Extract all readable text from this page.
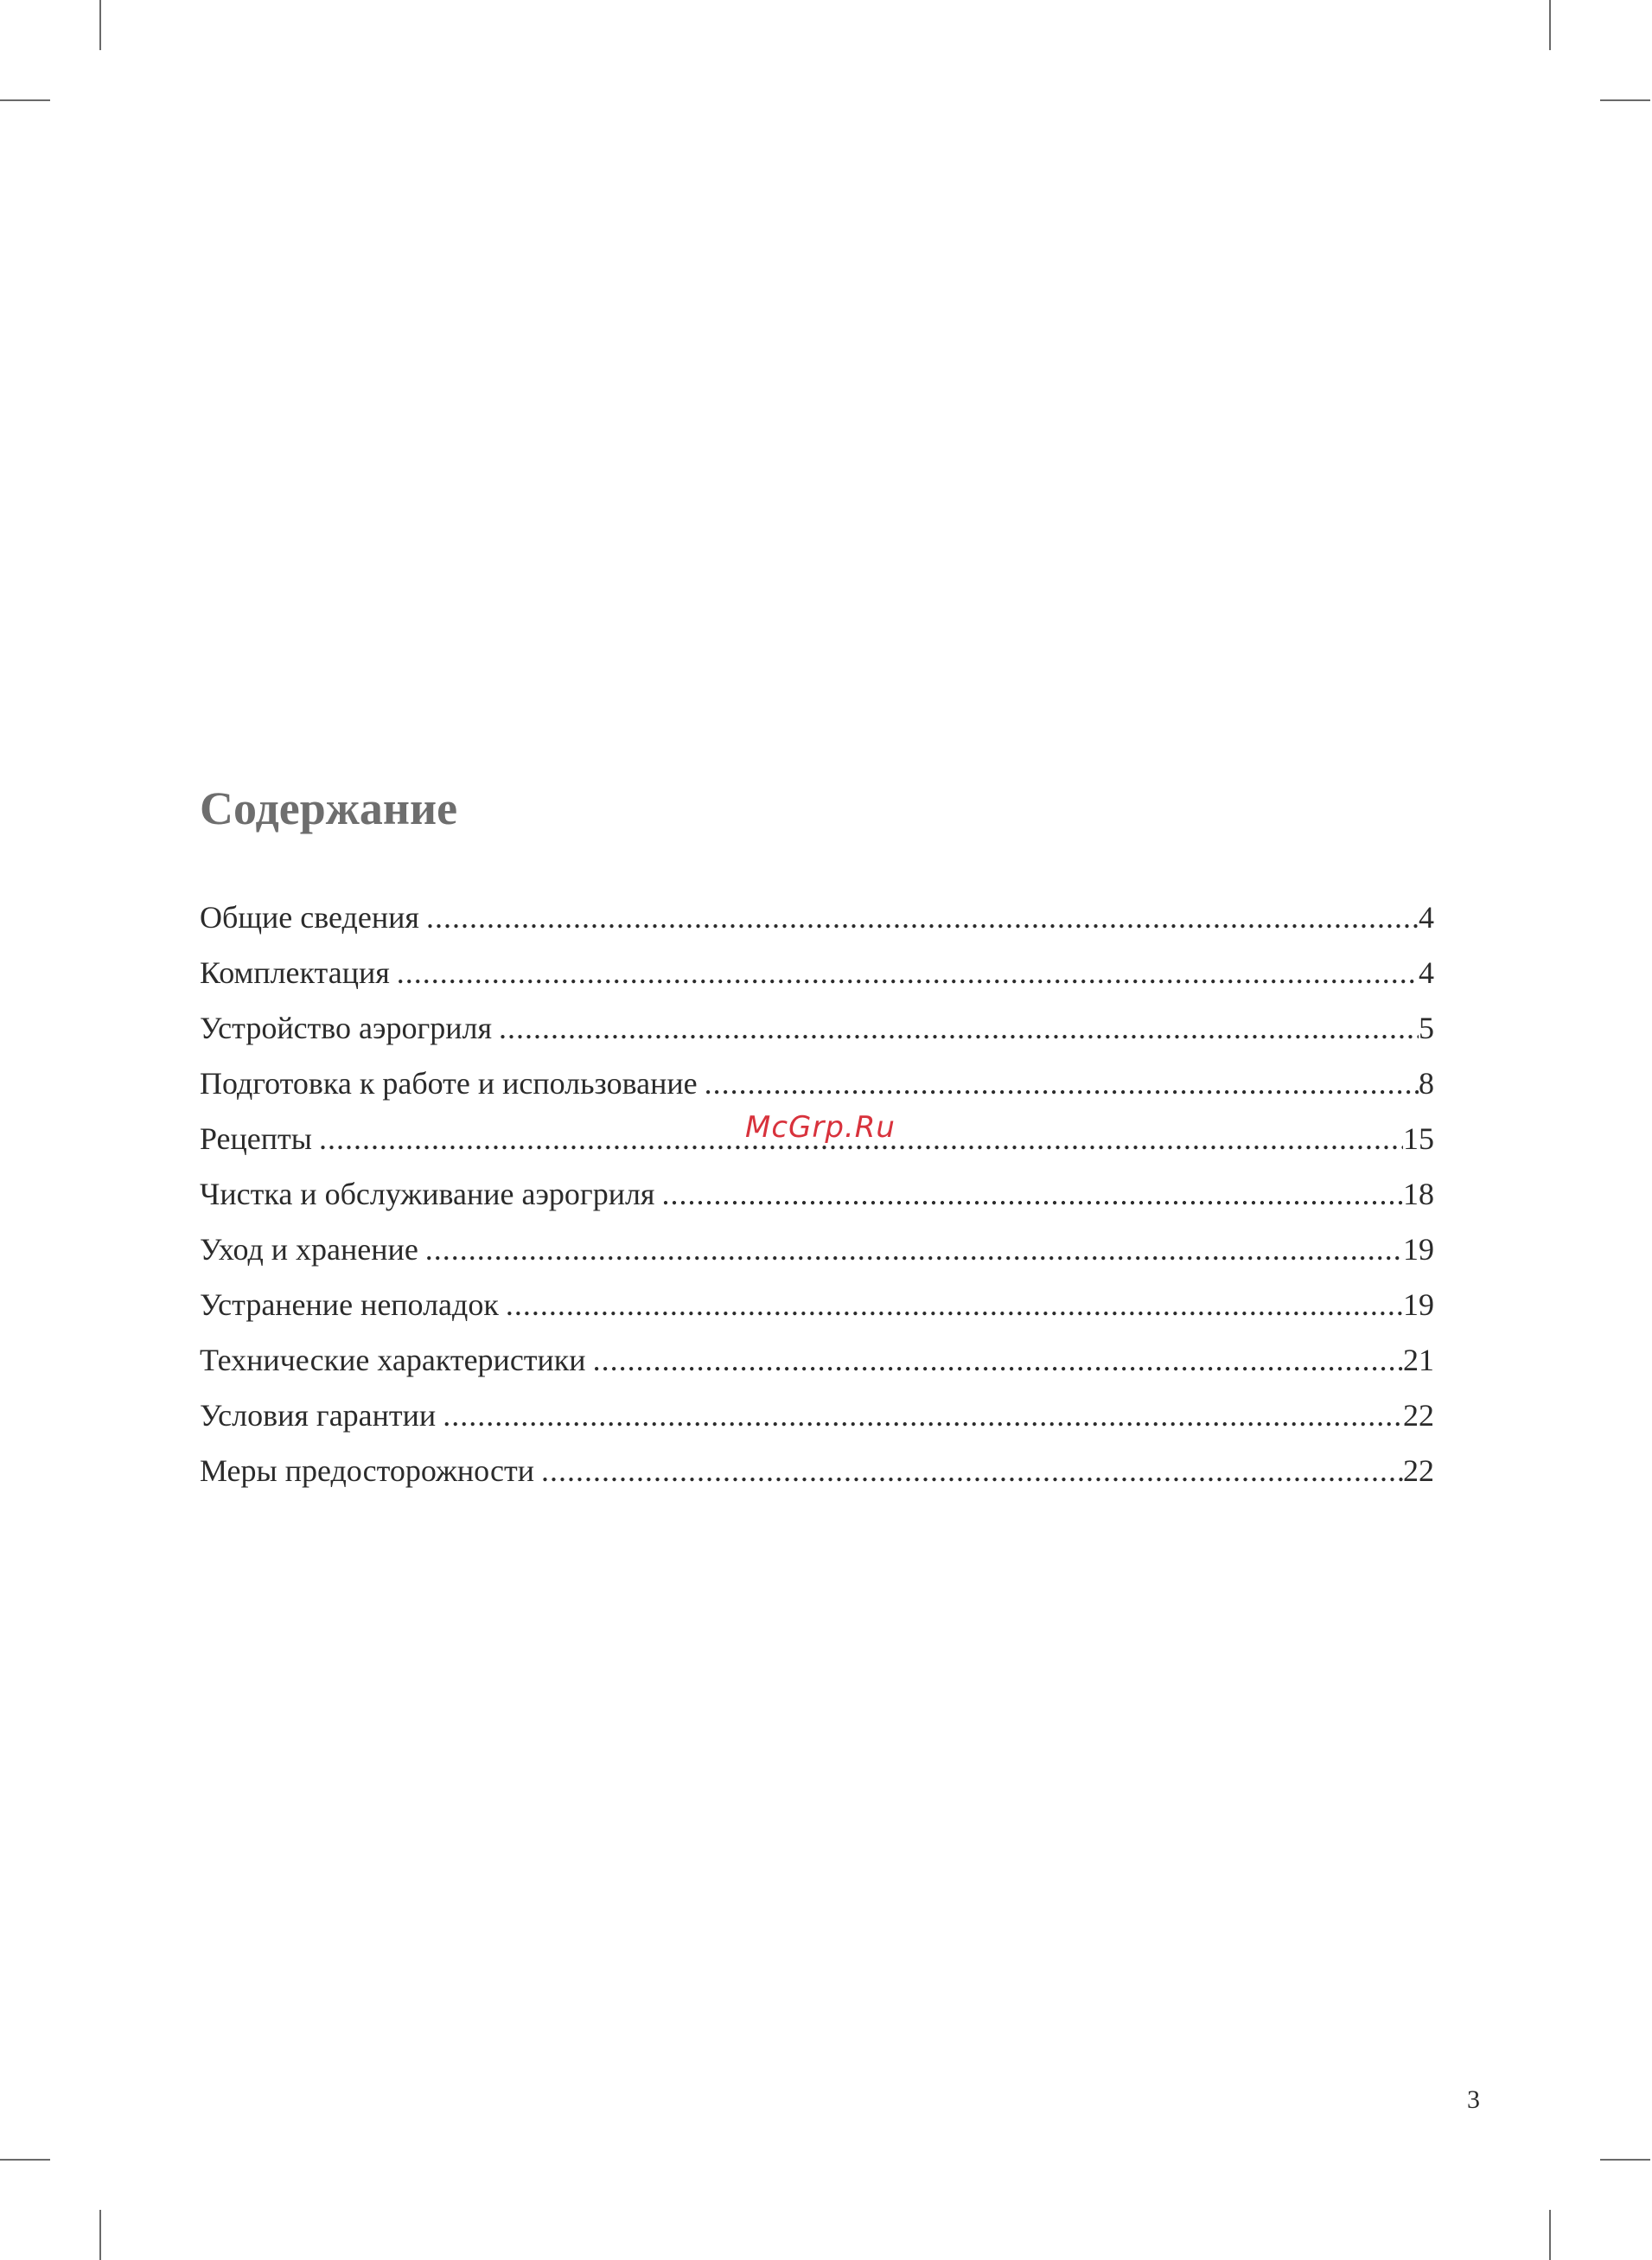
Содержание
Общие сведения .....	4
Комплектация .....	4
Устройство аэрогриля .....	5
Подготовка к работе и использование .....	8
Рецепты .....	15
Чистка и обслуживание аэрогриля .....	18
Уход и хранение .....	19
Устранение неполадок .....	19
Технические характеристики .....	21
Условия гарантии .....	22
Меры предосторожности .....	22
McGrp.Ru
3
